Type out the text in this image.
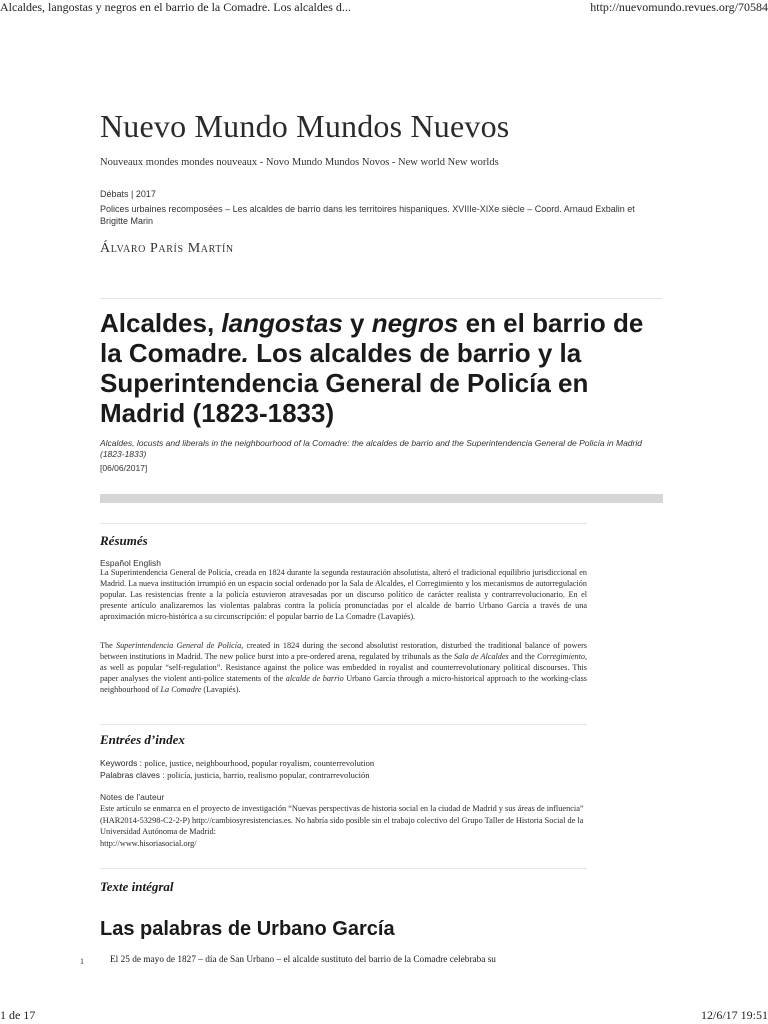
Alcaldes, langostas y negros en el barrio de la Comadre. Los alcaldes d...	http://nuevomundo.revues.org/70584
Nuevo Mundo Mundos Nuevos
Nouveaux mondes mondes nouveaux - Novo Mundo Mundos Novos - New world New worlds
Débats | 2017
Polices urbaines recomposées – Les alcaldes de barrio dans les territoires hispaniques. XVIIIe-XIXe siècle – Coord. Arnaud Exbalin et Brigitte Marin
Álvaro París Martín
Alcaldes, langostas y negros en el barrio de la Comadre. Los alcaldes de barrio y la Superintendencia General de Policía en Madrid (1823-1833)
Alcaldes, locusts and liberals in the neighbourhood of la Comadre: the alcaldes de barrio and the Superintendencia General de Policía in Madrid (1823-1833)
[06/06/2017]
Résumés
Español English

La Superintendencia General de Policía, creada en 1824 durante la segunda restauración absolutista, alteró el tradicional equilibrio jurisdiccional en Madrid. La nueva institución irrumpió en un espacio social ordenado por la Sala de Alcaldes, el Corregimiento y los mecanismos de autorregulación popular. Las resistencias frente a la policía estuvieron atravesadas por un discurso político de carácter realista y contrarrevolucionario. En el presente artículo analizaremos las violentas palabras contra la policía pronunciadas por el alcalde de barrio Urbano García a través de una aproximación micro-histórica a su circunscripción: el popular barrio de La Comadre (Lavapiés).

The Superintendencia General de Policía, created in 1824 during the second absolutist restoration, disturbed the traditional balance of powers between institutions in Madrid. The new police burst into a pre-ordered arena, regulated by tribunals as the Sala de Alcaldes and the Corregimiento, as well as popular “self-regulation”. Resistance against the police was embedded in royalist and counterrevolutionary political discourses. This paper analyses the violent anti-police statements of the alcalde de barrio Urbano García through a micro-historical approach to the working-class neighbourhood of La Comadre (Lavapiés).

Entrées d’index
Keywords : police, justice, neighbourhood, popular royalism, counterrevolution
Palabras claves : policía, justicia, barrio, realismo popular, contrarrevolución
Notes de l’auteur

Este artículo se enmarca en el proyecto de investigación “Nuevas perspectivas de historia social en la ciudad de Madrid y sus áreas de influencia” (HAR2014-53298-C2-2-P) http://cambiosyresistencias.es. No habría sido posible sin el trabajo colectivo del Grupo Taller de Historia Social de la Universidad Autónoma de Madrid:
http://www.hisoriasocial.org/

Texte intégral
Las palabras de Urbano García
1	El 25 de mayo de 1827 – día de San Urbano – el alcalde sustituto del barrio de la Comadre celebraba su

1 de 17	12/6/17 19:51
